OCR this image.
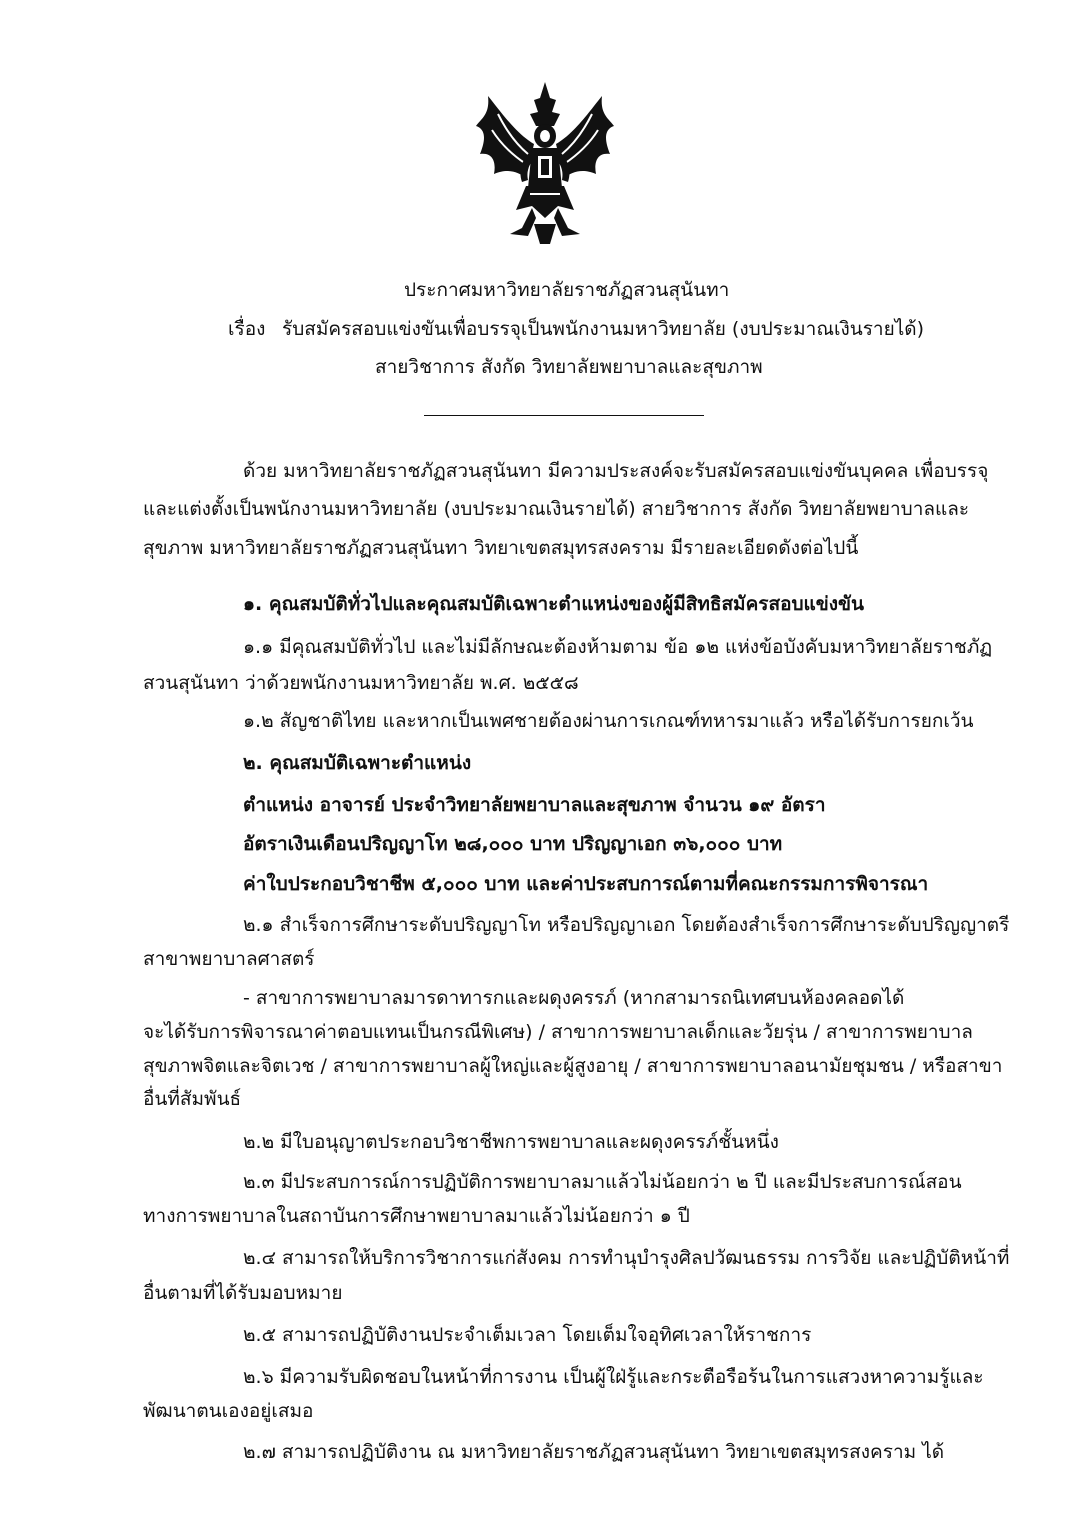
ประกาศมหาวิทยาลัยราชภัฏสวนสุนันทา
เรื่อง รับสมัครสอบแข่งขันเพื่อบรรจุเป็นพนักงานมหาวิทยาลัย (งบประมาณเงินรายได้)
สายวิชาการ สังกัด วิทยาลัยพยาบาลและสุขภาพ
ด้วย มหาวิทยาลัยราชภัฏสวนสุนันทา มีความประสงค์จะรับสมัครสอบแข่งขันบุคคล เพื่อบรรจุ
และแต่งตั้งเป็นพนักงานมหาวิทยาลัย (งบประมาณเงินรายได้) สายวิชาการ สังกัด วิทยาลัยพยาบาลและ
สุขภาพ มหาวิทยาลัยราชภัฏสวนสุนันทา วิทยาเขตสมุทรสงคราม มีรายละเอียดดังต่อไปนี้
๑. คุณสมบัติทั่วไปและคุณสมบัติเฉพาะตำแหน่งของผู้มีสิทธิสมัครสอบแข่งขัน
๑.๑ มีคุณสมบัติทั่วไป และไม่มีลักษณะต้องห้ามตาม ข้อ ๑๒ แห่งข้อบังคับมหาวิทยาลัยราชภัฏ
สวนสุนันทา ว่าด้วยพนักงานมหาวิทยาลัย พ.ศ. ๒๕๕๘
๑.๒ สัญชาติไทย และหากเป็นเพศชายต้องผ่านการเกณฑ์ทหารมาแล้ว หรือได้รับการยกเว้น
๒. คุณสมบัติเฉพาะตำแหน่ง
ตำแหน่ง อาจารย์ ประจำวิทยาลัยพยาบาลและสุขภาพ จำนวน ๑๙ อัตรา
อัตราเงินเดือนปริญญาโท ๒๘,๐๐๐ บาท ปริญญาเอก ๓๖,๐๐๐ บาท
ค่าใบประกอบวิชาชีพ ๕,๐๐๐ บาท และค่าประสบการณ์ตามที่คณะกรรมการพิจารณา
๒.๑ สำเร็จการศึกษาระดับปริญญาโท หรือปริญญาเอก โดยต้องสำเร็จการศึกษาระดับปริญญาตรี
สาขาพยาบาลศาสตร์
- สาขาการพยาบาลมารดาทารกและผดุงครรภ์ (หากสามารถนิเทศบนห้องคลอดได้
จะได้รับการพิจารณาค่าตอบแทนเป็นกรณีพิเศษ) / สาขาการพยาบาลเด็กและวัยรุ่น / สาขาการพยาบาล
สุขภาพจิตและจิตเวช / สาขาการพยาบาลผู้ใหญ่และผู้สูงอายุ / สาขาการพยาบาลอนามัยชุมชน / หรือสาขา
อื่นที่สัมพันธ์
๒.๒ มีใบอนุญาตประกอบวิชาชีพการพยาบาลและผดุงครรภ์ชั้นหนึ่ง
๒.๓ มีประสบการณ์การปฏิบัติการพยาบาลมาแล้วไม่น้อยกว่า ๒ ปี และมีประสบการณ์สอน
ทางการพยาบาลในสถาบันการศึกษาพยาบาลมาแล้วไม่น้อยกว่า ๑ ปี
๒.๔ สามารถให้บริการวิชาการแก่สังคม การทำนุบำรุงศิลปวัฒนธรรม การวิจัย และปฏิบัติหน้าที่
อื่นตามที่ได้รับมอบหมาย
๒.๕ สามารถปฏิบัติงานประจำเต็มเวลา โดยเต็มใจอุทิศเวลาให้ราชการ
๒.๖ มีความรับผิดชอบในหน้าที่การงาน เป็นผู้ใฝ่รู้และกระตือรือร้นในการแสวงหาความรู้และ
พัฒนาตนเองอยู่เสมอ
๒.๗ สามารถปฏิบัติงาน ณ มหาวิทยาลัยราชภัฏสวนสุนันทา วิทยาเขตสมุทรสงคราม ได้
